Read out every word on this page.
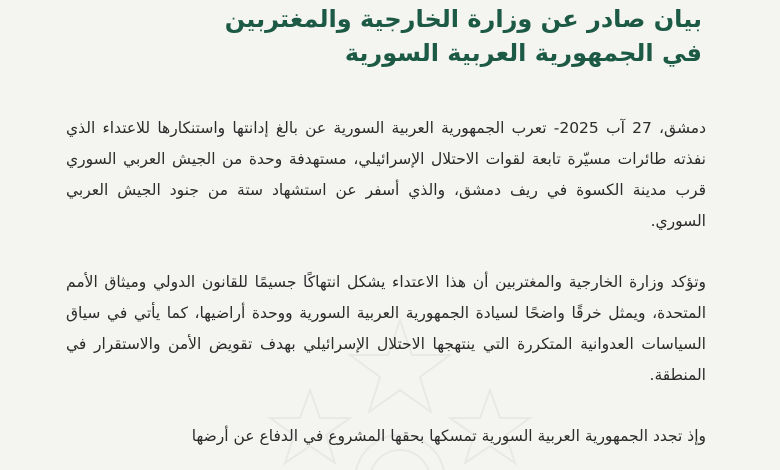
بيان صادر عن وزارة الخارجية والمغتربين
في الجمهورية العربية السورية

دمشق، 27 آب 2025- تعرب الجمهورية العربية السورية عن بالغ إدانتها واستنكارها للاعتداء الذي نفذته طائرات مسيّرة تابعة لقوات الاحتلال الإسرائيلي، مستهدفة وحدة من الجيش العربي السوري قرب مدينة الكسوة في ريف دمشق، والذي أسفر عن استشهاد ستة من جنود الجيش العربي السوري.

وتؤكد وزارة الخارجية والمغتربين أن هذا الاعتداء يشكل انتهاكًا جسيمًا للقانون الدولي وميثاق الأمم المتحدة، ويمثل خرقًا واضحًا لسيادة الجمهورية العربية السورية ووحدة أراضيها، كما يأتي في سياق السياسات العدوانية المتكررة التي ينتهجها الاحتلال الإسرائيلي بهدف تقويض الأمن والاستقرار في المنطقة.

وإذ تجدد الجمهورية العربية السورية تمسكها بحقها المشروع في الدفاع عن أرضها
